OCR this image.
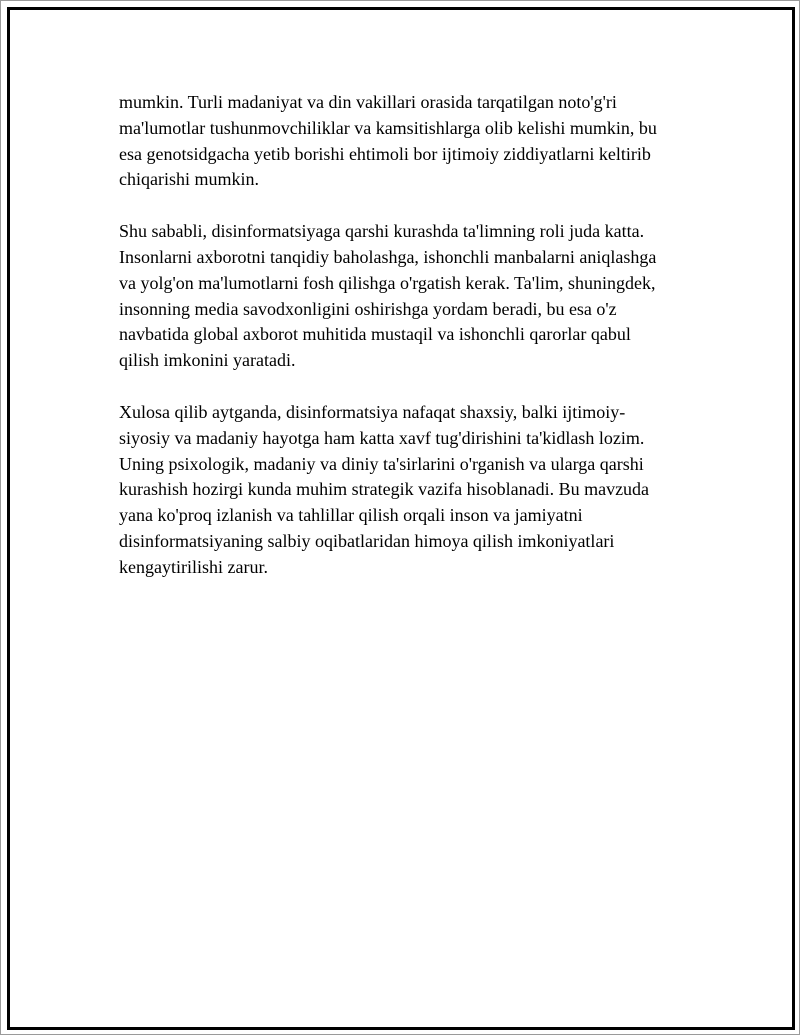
mumkin. Turli madaniyat va din vakillari orasida tarqatilgan noto'g'ri
ma'lumotlar tushunmovchiliklar va kamsitishlarga olib kelishi mumkin, bu
esa genotsidgacha yetib borishi ehtimoli bor ijtimoiy ziddiyatlarni keltirib
chiqarishi mumkin.

Shu sababli, disinformatsiyaga qarshi kurashda ta'limning roli juda katta.
Insonlarni axborotni tanqidiy baholashga, ishonchli manbalarni aniqlashga
va yolg'on ma'lumotlarni fosh qilishga o'rgatish kerak. Ta'lim, shuningdek,
insonning media savodxonligini oshirishga yordam beradi, bu esa o'z
navbatida global axborot muhitida mustaqil va ishonchli qarorlar qabul
qilish imkonini yaratadi.

Xulosa qilib aytganda, disinformatsiya nafaqat shaxsiy, balki ijtimoiy-
siyosiy va madaniy hayotga ham katta xavf tug'dirishini ta'kidlash lozim.
Uning psixologik, madaniy va diniy ta'sirlarini o'rganish va ularga qarshi
kurashish hozirgi kunda muhim strategik vazifa hisoblanadi. Bu mavzuda
yana ko'proq izlanish va tahlillar qilish orqali inson va jamiyatni
disinformatsiyaning salbiy oqibatlaridan himoya qilish imkoniyatlari
kengaytirilishi zarur.
